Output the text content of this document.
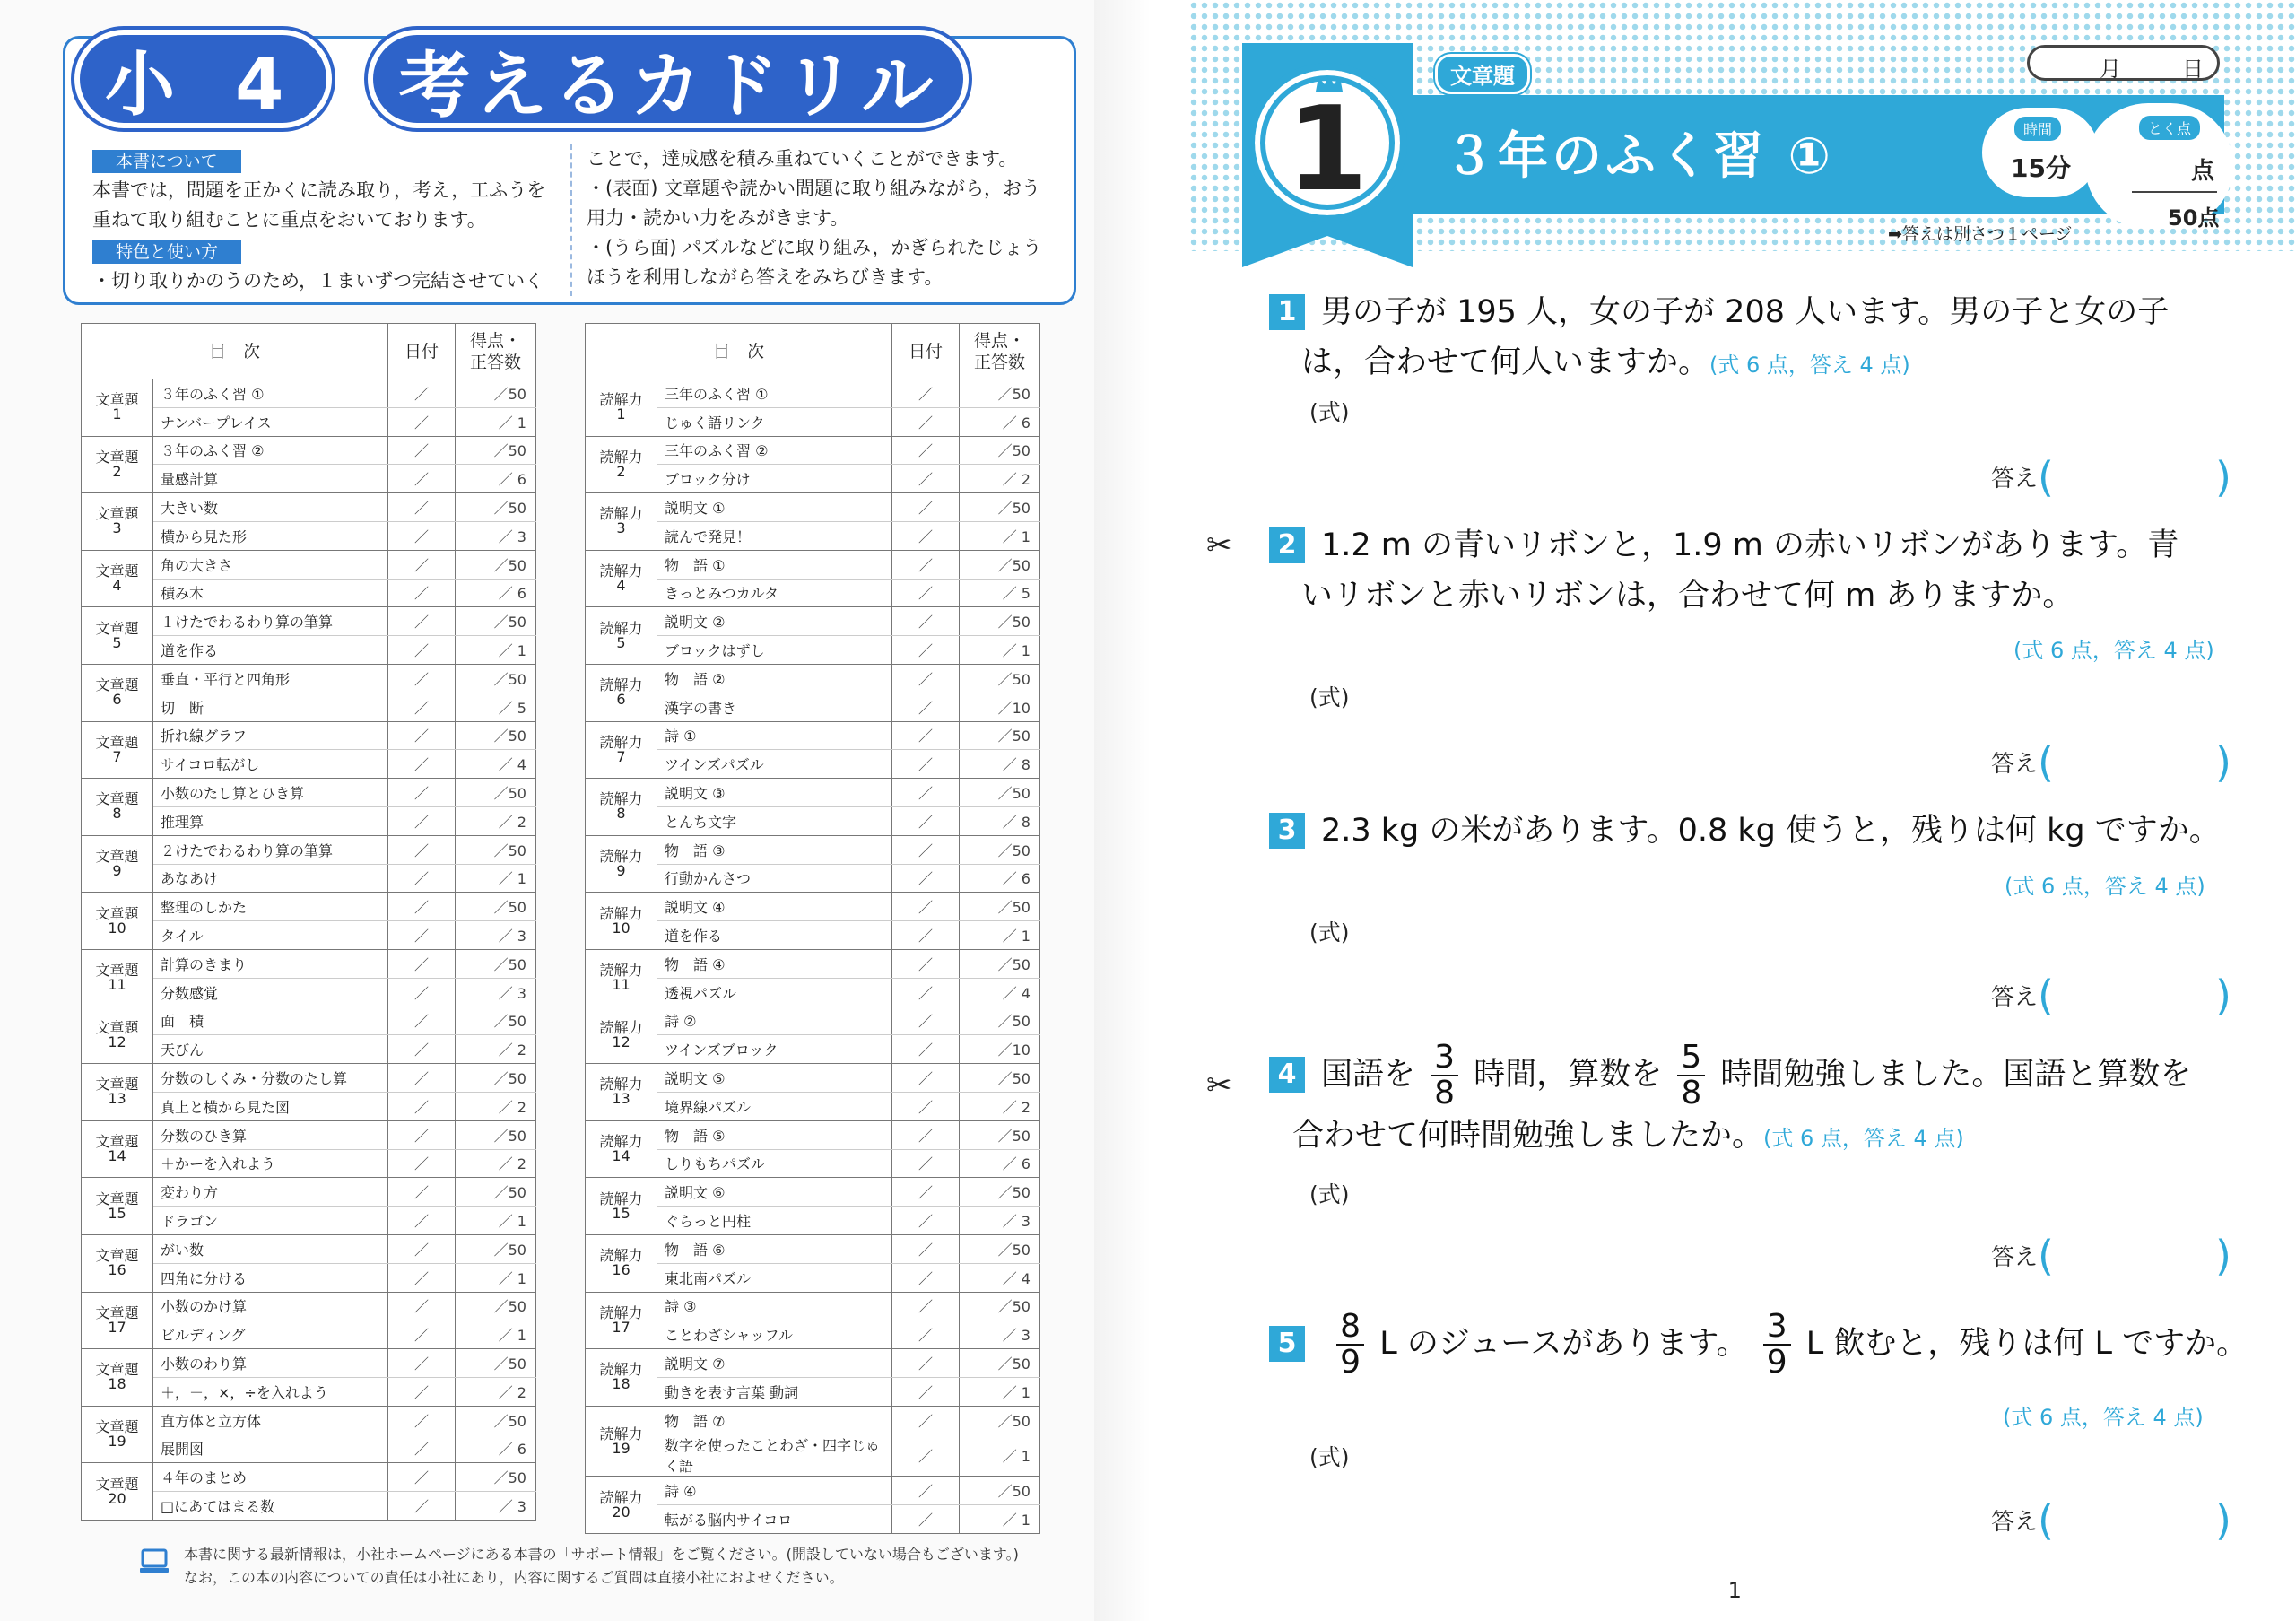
小 4	考えるカドリル
本書について
本書では，問題を正かくに読み取り，考え，工ふうを重ねて取り組むことに重点をおいております。
特色と使い方
・切り取りかのうのため，１まいずつ完結させていく
ことで，達成感を積み重ねていくことができます。
・(表面) 文章題や読かい問題に取り組みながら，おう用力・読かい力をみがきます。
・(うら面) パズルなどに取り組み，かぎられたじょうほうを利用しながら答えをみちびきます。
目　次		日付	得点・
正答数
文章題
1	３年のふく習 ①	／	／50
	ナンバープレイス	／	／ 1
文章題
2	３年のふく習 ②	／	／50
	量感計算	／	／ 6
文章題
3	大きい数	／	／50
	横から見た形	／	／ 3
文章題
4	角の大きさ	／	／50
	積み木	／	／ 6
文章題
5	１けたでわるわり算の筆算	／	／50
	道を作る	／	／ 1
文章題
6	垂直・平行と四角形	／	／50
	切　断	／	／ 5
文章題
7	折れ線グラフ	／	／50
	サイコロ転がし	／	／ 4
文章題
8	小数のたし算とひき算	／	／50
	推理算	／	／ 2
文章題
9	２けたでわるわり算の筆算	／	／50
	あなあけ	／	／ 1
文章題
10	整理のしかた	／	／50
	タイル	／	／ 3
文章題
11	計算のきまり	／	／50
	分数感覚	／	／ 3
文章題
12	面　積	／	／50
	天びん	／	／ 2
文章題
13	分数のしくみ・分数のたし算	／	／50
	真上と横から見た図	／	／ 2
文章題
14	分数のひき算	／	／50
	＋かーを入れよう	／	／ 2
文章題
15	変わり方	／	／50
	ドラゴン	／	／ 1
文章題
16	がい数	／	／50
	四角に分ける	／	／ 1
文章題
17	小数のかけ算	／	／50
	ビルディング	／	／ 1
文章題
18	小数のわり算	／	／50
	＋，－，×，÷を入れよう	／	／ 2
文章題
19	直方体と立方体	／	／50
	展開図	／	／ 6
文章題
20	４年のまとめ	／	／50
	□にあてはまる数	／	／ 3
目　次		日付	得点・
正答数
読解力
1	三年のふく習 ①	／	／50
	じゅく語リンク	／	／ 6
読解力
2	三年のふく習 ②	／	／50
	ブロック分け	／	／ 2
読解力
3	説明文 ①	／	／50
	読んで発見！	／	／ 1
読解力
4	物　語 ①	／	／50
	きっとみつカルタ	／	／ 5
読解力
5	説明文 ②	／	／50
	ブロックはずし	／	／ 1
読解力
6	物　語 ②	／	／50
	漢字の書き	／	／10
読解力
7	詩 ①	／	／50
	ツインズパズル	／	／ 8
読解力
8	説明文 ③	／	／50
	とんち文字	／	／ 8
読解力
9	物　語 ③	／	／50
	行動かんさつ	／	／ 6
読解力
10	説明文 ④	／	／50
	道を作る	／	／ 1
読解力
11	物　語 ④	／	／50
	透視パズル	／	／ 4
読解力
12	詩 ②	／	／50
	ツインズブロック	／	／10
読解力
13	説明文 ⑤	／	／50
	境界線パズル	／	／ 2
読解力
14	物　語 ⑤	／	／50
	しりもちパズル	／	／ 6
読解力
15	説明文 ⑥	／	／50
	ぐらっと円柱	／	／ 3
読解力
16	物　語 ⑥	／	／50
	東北南パズル	／	／ 4
読解力
17	詩 ③	／	／50
	ことわざシャッフル	／	／ 3
読解力
18	説明文 ⑦	／	／50
	動きを表す言葉 動詞	／	／ 1
読解力
19	物　語 ⑦	／	／50
	数字を使ったことわざ・四字じゅく語	／	／ 1
読解力
20	詩 ④	／	／50
	転がる脳内サイコロ	／	／ 1
本書に関する最新情報は，小社ホームページにある本書の「サポート情報」をご覧ください。(開設していない場合もございます。)
なお，この本の内容についての責任は小社にあり，内容に関するご質問は直接小社におよせください。
1
文章題
３年のふく習 ①
月	日
時間
15分
とく点
点
50点
➡答えは別さつ１ページ
1 男の子が 195 人，女の子が 208 人います。男の子と女の子
は，合わせて何人いますか。(式 6 点，答え 4 点)
(式)
答え(	)
✂	2 1.2 m の青いリボンと，1.9 m の赤いリボンがあります。青
いリボンと赤いリボンは，合わせて何 m ありますか。
(式 6 点，答え 4 点)
(式)
答え(	)
3 2.3 kg の米があります。0.8 kg 使うと，残りは何 kg ですか。
(式 6 点，答え 4 点)
(式)
答え(	)
✂	4 国語を $\frac{3}{8}$ 時間，算数を $\frac{5}{8}$ 時間勉強しました。国語と算数を
合わせて何時間勉強しましたか。(式 6 点，答え 4 点)
(式)
答え(	)
$5 \frac{8}{9}$ L のジュースがあります。 $\frac{3}{9}$ L 飲むと，残りは何 L ですか。
(式 6 点，答え 4 点)
(式)
答え(	)
－ 1 －
